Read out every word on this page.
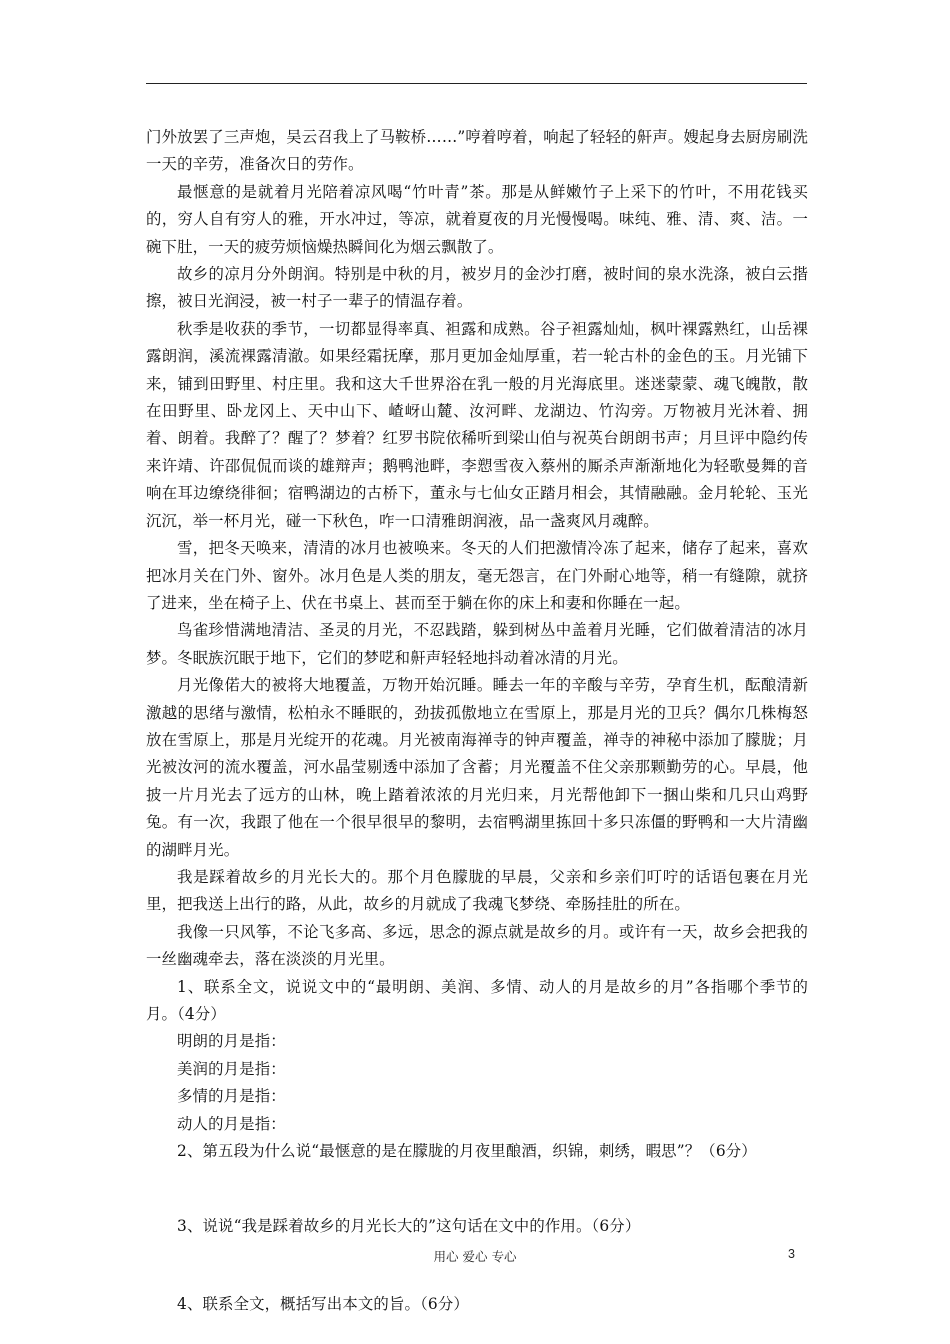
门外放罢了三声炮，吴云召我上了马鞍桥……”哼着哼着，响起了轻轻的鼾声。嫂起身去厨房刷洗一天的辛劳，准备次日的劳作。

最惬意的是就着月光陪着凉风喝“竹叶青”茶。那是从鲜嫩竹子上采下的竹叶，不用花钱买的，穷人自有穷人的雅，开水冲过，等凉，就着夏夜的月光慢慢喝。味纯、雅、清、爽、洁。一碗下肚，一天的疲劳烦恼燥热瞬间化为烟云飘散了。

故乡的凉月分外朗润。特别是中秋的月，被岁月的金沙打磨，被时间的泉水洗涤，被白云揩擦，被日光润浸，被一村子一辈子的情温存着。

秋季是收获的季节，一切都显得率真、袒露和成熟。谷子袒露灿灿，枫叶裸露熟红，山岳裸露朗润，溪流裸露清澈。如果经霜抚摩，那月更加金灿厚重，若一轮古朴的金色的玉。月光铺下来，铺到田野里、村庄里。我和这大千世界浴在乳一般的月光海底里。迷迷蒙蒙、魂飞魄散，散在田野里、卧龙冈上、天中山下、嵖岈山麓、汝河畔、龙湖边、竹沟旁。万物被月光沐着、拥着、朗着。我醉了？醒了？梦着？红罗书院依稀听到梁山伯与祝英台朗朗书声；月旦评中隐约传来许靖、许邵侃侃而谈的雄辩声；鹅鸭池畔，李愬雪夜入蔡州的厮杀声渐渐地化为轻歌曼舞的音响在耳边缭绕徘徊；宿鸭湖边的古桥下，董永与七仙女正踏月相会，其情融融。金月轮轮、玉光沉沉，举一杯月光，碰一下秋色，咋一口清雅朗润液，品一盏爽风月魂醉。

雪，把冬天唤来，清清的冰月也被唤来。冬天的人们把激情冷冻了起来，储存了起来，喜欢把冰月关在门外、窗外。冰月色是人类的朋友，毫无怨言，在门外耐心地等，稍一有缝隙，就挤了进来，坐在椅子上、伏在书桌上、甚而至于躺在你的床上和妻和你睡在一起。

鸟雀珍惜满地清洁、圣灵的月光，不忍践踏，躲到树丛中盖着月光睡，它们做着清洁的冰月梦。冬眠族沉眠于地下，它们的梦呓和鼾声轻轻地抖动着冰清的月光。

月光像偌大的被将大地覆盖，万物开始沉睡。睡去一年的辛酸与辛劳，孕育生机，酝酿清新激越的思绪与激情，松柏永不睡眠的，劲拔孤傲地立在雪原上，那是月光的卫兵？偶尔几株梅怒放在雪原上，那是月光绽开的花魂。月光被南海禅寺的钟声覆盖，禅寺的神秘中添加了朦胧；月光被汝河的流水覆盖，河水晶莹剔透中添加了含蓄；月光覆盖不住父亲那颗勤劳的心。早晨，他披一片月光去了远方的山林，晚上踏着浓浓的月光归来，月光帮他卸下一捆山柴和几只山鸡野兔。有一次，我跟了他在一个很早很早的黎明，去宿鸭湖里拣回十多只冻僵的野鸭和一大片清幽的湖畔月光。

我是踩着故乡的月光长大的。那个月色朦胧的早晨，父亲和乡亲们叮咛的话语包裹在月光里，把我送上出行的路，从此，故乡的月就成了我魂飞梦绕、牵肠挂肚的所在。

我像一只风筝，不论飞多高、多远，思念的源点就是故乡的月。或许有一天，故乡会把我的一丝幽魂牵去，落在淡淡的月光里。

1、联系全文，说说文中的“最明朗、美润、多情、动人的月是故乡的月”各指哪个季节的月。（4分）

明朗的月是指：

美润的月是指：

多情的月是指：

动人的月是指：

2、第五段为什么说“最惬意的是在朦胧的月夜里酿酒，织锦，刺绣，暇思”？（6分）

3、说说“我是踩着故乡的月光长大的”这句话在文中的作用。（6分）

4、联系全文，概括写出本文的旨。（6分）

用心 爱心 专心	3
